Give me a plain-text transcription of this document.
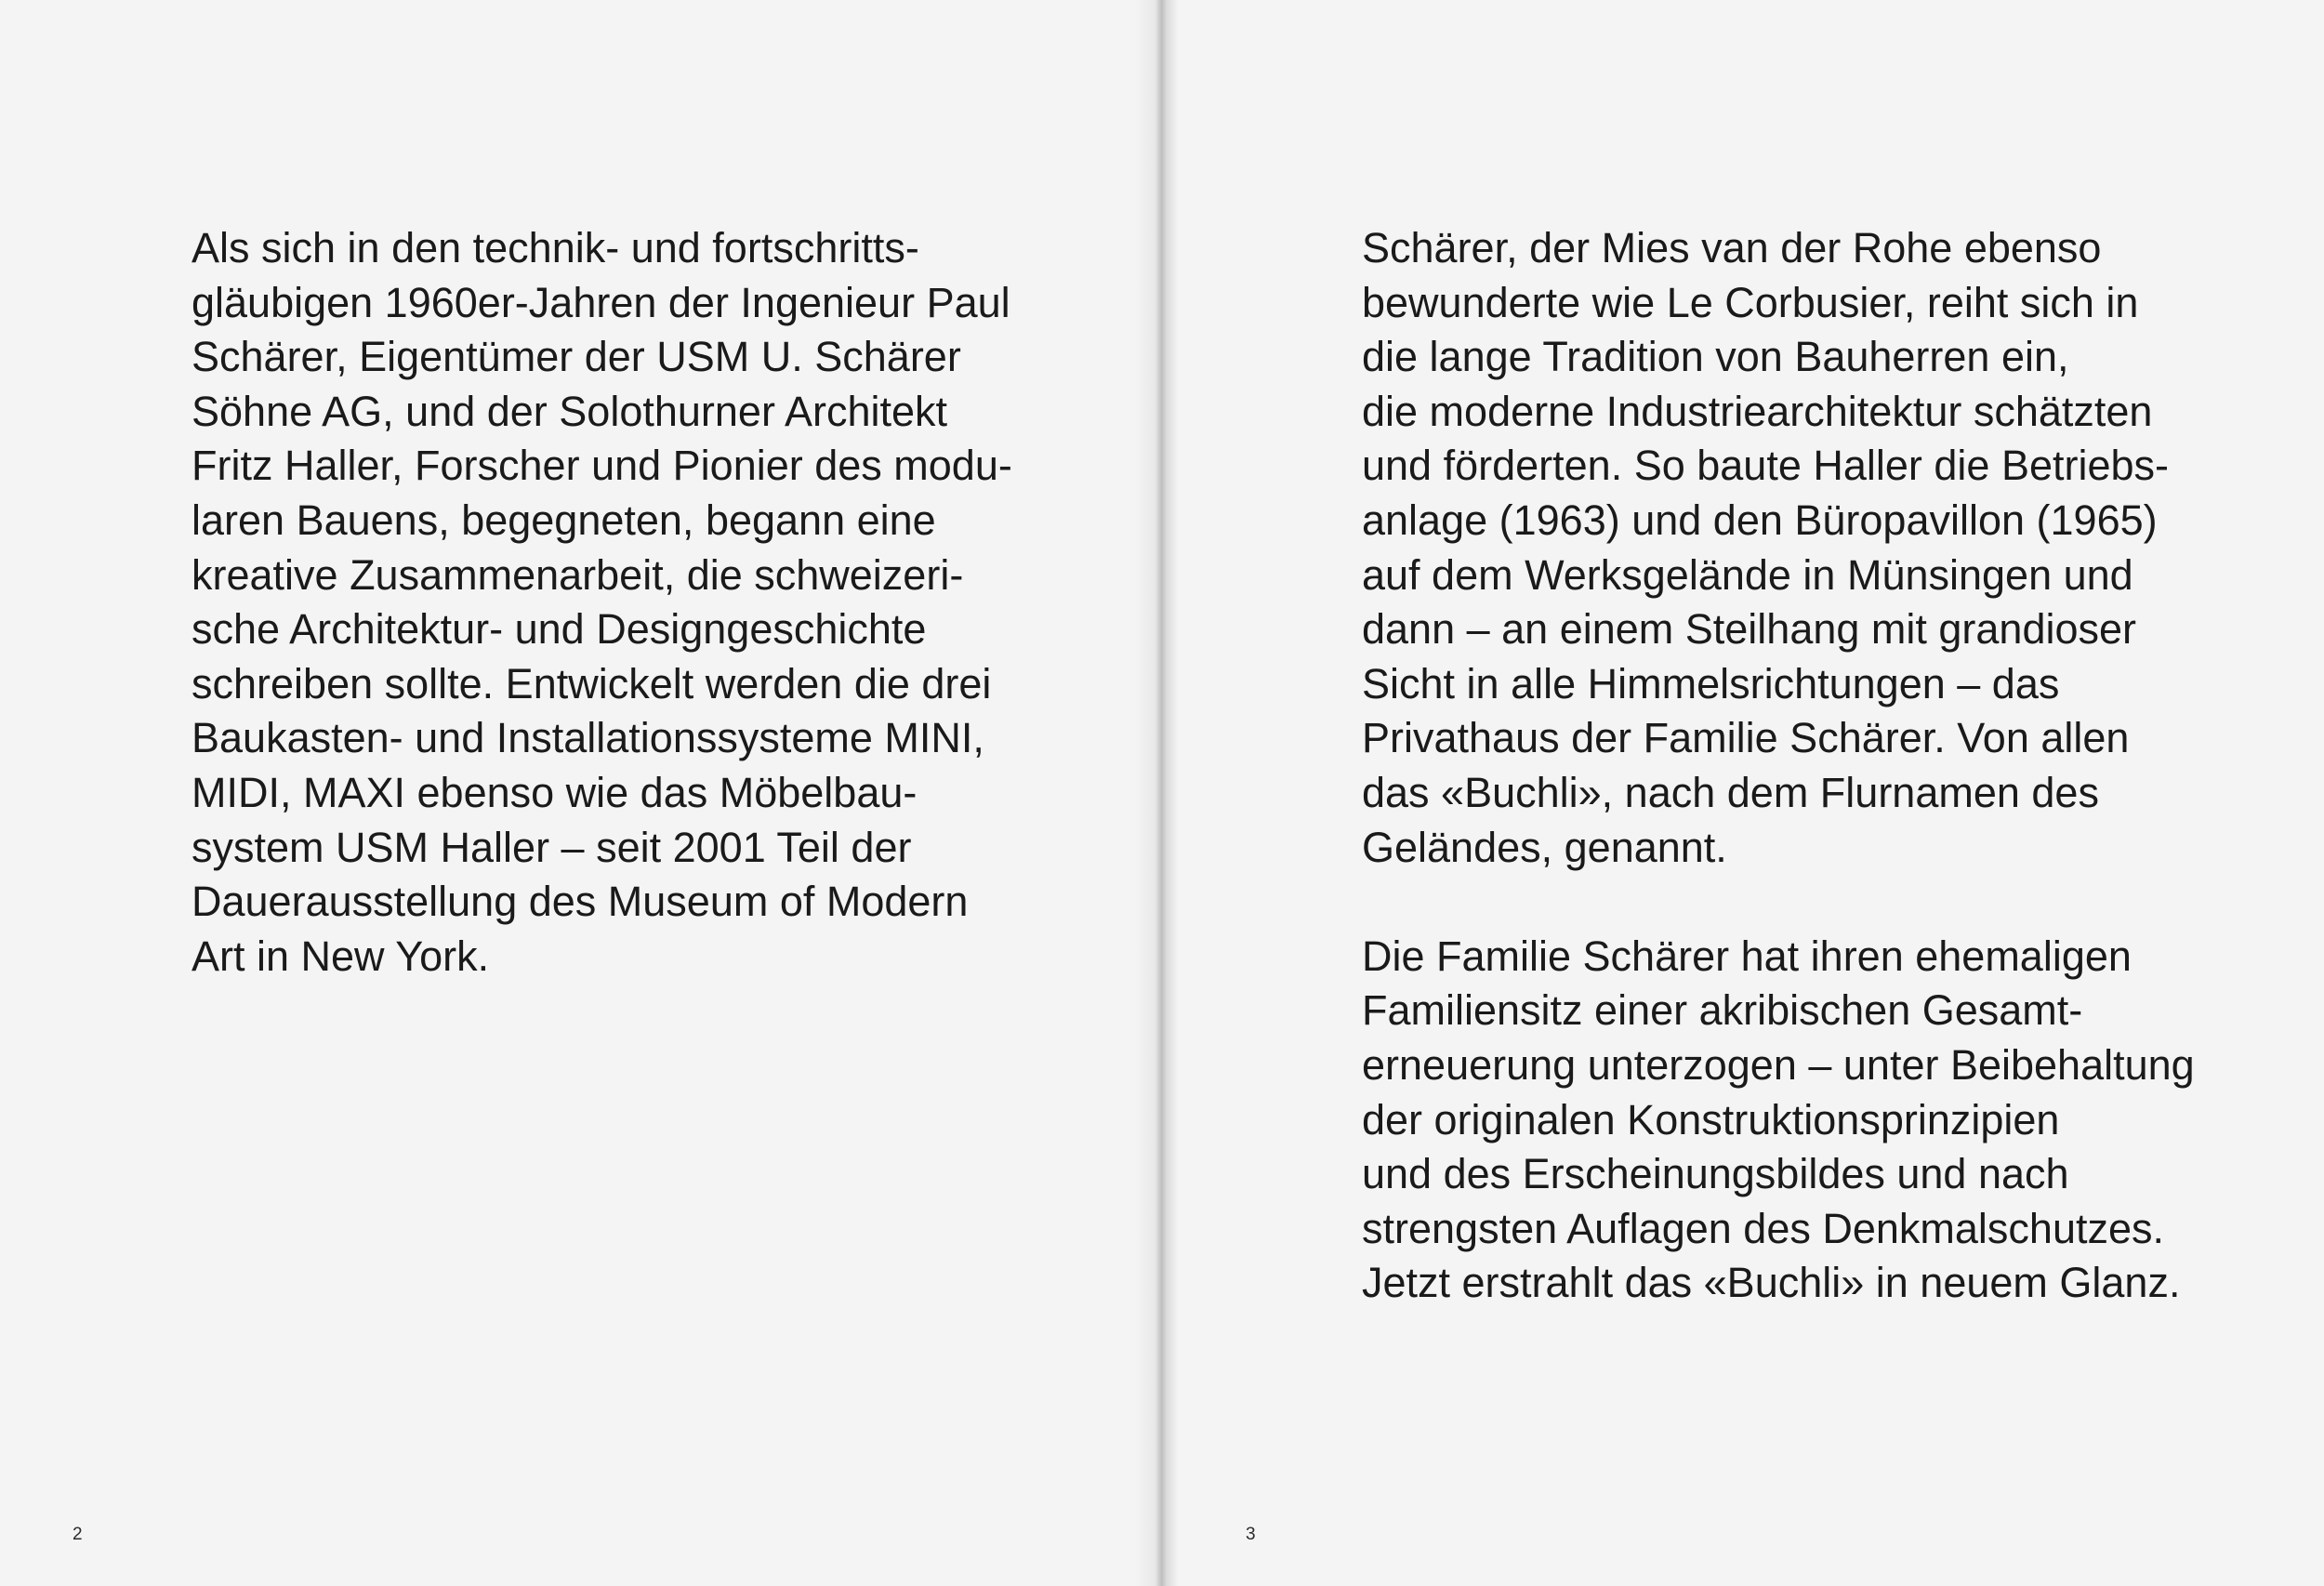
Als sich in den technik- und fortschritts-
gläubigen 1960er-Jahren der Ingenieur Paul
Schärer, Eigentümer der USM U. Schärer
Söhne AG, und der Solothurner Architekt
Fritz Haller, Forscher und Pionier des modu-
laren Bauens, begegneten, begann eine
kreative Zusammenarbeit, die schweizeri-
sche Architektur- und Designgeschichte
schreiben sollte. Entwickelt werden die drei
Baukasten- und Installationssysteme MINI,
MIDI, MAXI ebenso wie das Möbelbau-
system USM Haller – seit 2001 Teil der
Dauerausstellung des Museum of Modern
Art in New York.

2
Schärer, der Mies van der Rohe ebenso
bewunderte wie Le Corbusier, reiht sich in
die lange Tradition von Bauherren ein,
die moderne Industriearchitektur schätzten
und förderten. So baute Haller die Betriebs-
anlage (1963) und den Büropavillon (1965)
auf dem Werksgelände in Münsingen und
dann – an einem Steilhang mit grandioser
Sicht in alle Himmelsrichtungen – das
Privathaus der Familie Schärer. Von allen
das «Buchli», nach dem Flurnamen des
Geländes, genannt.
Die Familie Schärer hat ihren ehemaligen
Familiensitz einer akribischen Gesamt-
erneuerung unterzogen – unter Beibehaltung
der originalen Konstruktionsprinzipien
und des Erscheinungsbildes und nach
strengsten Auflagen des Denkmalschutzes.
Jetzt erstrahlt das «Buchli» in neuem Glanz.
3
